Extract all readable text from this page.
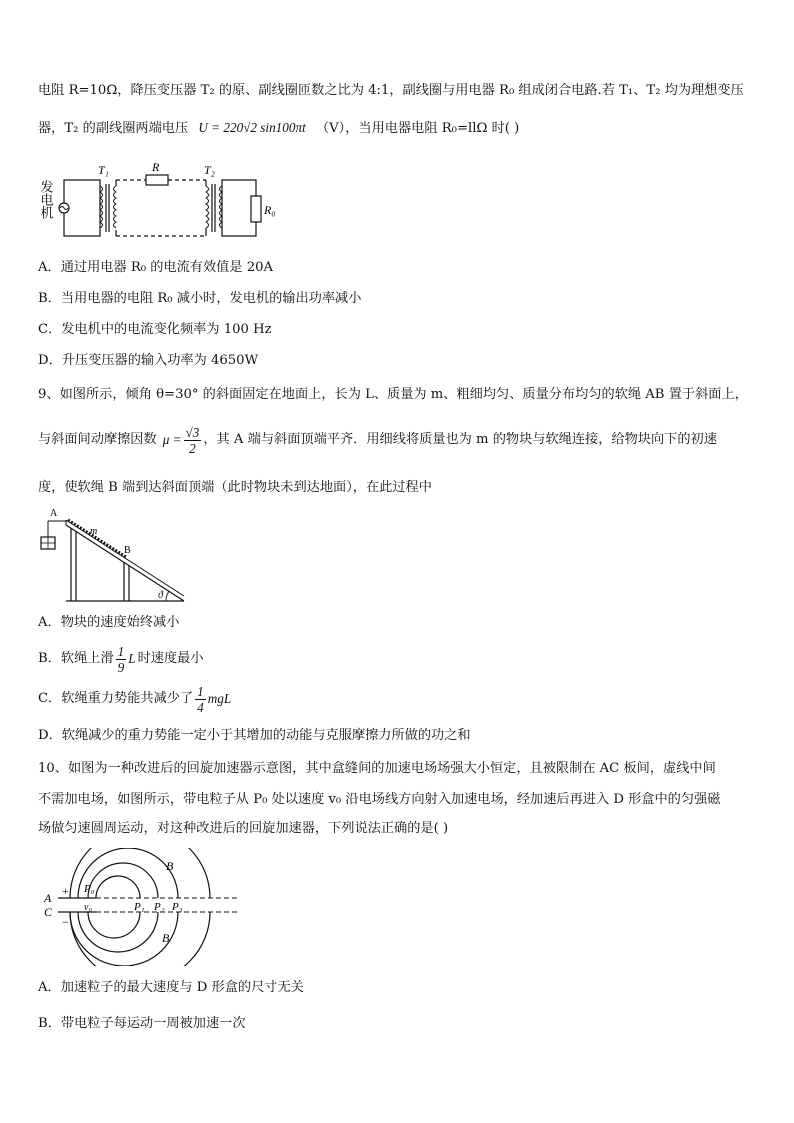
电阻 R=10Ω，降压变压器 T₂ 的原、副线圈匝数之比为 4:1，副线圈与用电器 R₀ 组成闭合电路.若 T₁、T₂ 均为理想变压
器，T₂ 的副线圈两端电压 U = 220√2 sin100πt （V），当用电器电阻 R₀=llΩ 时( )
发电机
T₁	R	T₂
R₀
A．通过用电器 R₀ 的电流有效值是 20A
B．当用电器的电阻 R₀ 减小时，发电机的输出功率减小
C．发电机中的电流变化频率为 100 Hz
D．升压变压器的输入功率为 4650W
9、如图所示，倾角 θ=30° 的斜面固定在地面上，长为 L、质量为 m、粗细均匀、质量分布均匀的软绳 AB 置于斜面上，
与斜面间动摩擦因数 $\mu = \frac{√3}{2}$ ，其 A 端与斜面顶端平齐．用细线将质量也为 m 的物块与软绳连接，给物块向下的初速
度，使软绳 B 端到达斜面顶端（此时物块未到达地面），在此过程中
ϑ
A
m
B
A．物块的速度始终减小
B．软绳上滑 $\frac{1}{9}$ L 时速度最小
C．软绳重力势能共减少了 $\frac{1}{4}$ mgL
D．软绳减少的重力势能一定小于其增加的动能与克服摩擦力所做的功之和
10、如图为一种改进后的回旋加速器示意图，其中盒缝间的加速电场场强大小恒定，且被限制在 AC 板间，虚线中间
不需加电场，如图所示，带电粒子从 P₀ 处以速度 v₀ 沿电场线方向射入加速电场，经加速后再进入 D 形盒中的匀强磁
场做匀速圆周运动，对这种改进后的回旋加速器，下列说法正确的是( )
A
C
+
−
P₀
v₀	P₁ P₂ P₃
B
B
A．加速粒子的最大速度与 D 形盒的尺寸无关
B．带电粒子每运动一周被加速一次
